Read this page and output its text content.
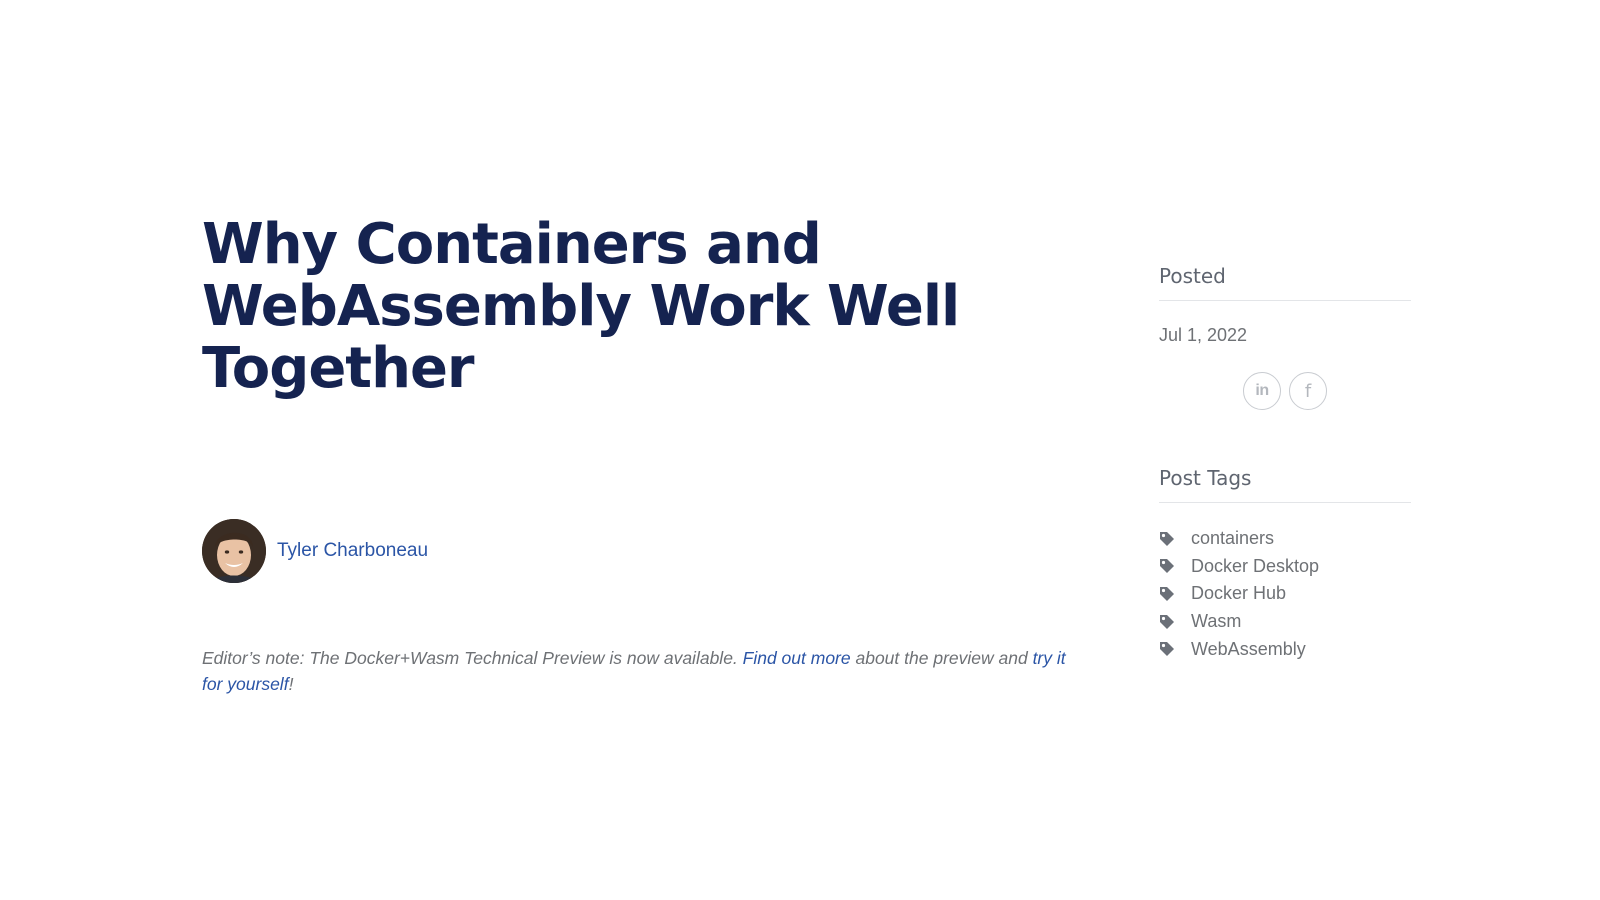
Why Containers and WebAssembly Work Well Together
Tyler Charboneau

Editor’s note: The Docker+Wasm Technical Preview is now available. Find out more about the preview and try it for yourself!

Posted
Jul 1, 2022
in f
Post Tags
containers
Docker Desktop
Docker Hub
Wasm
WebAssembly
